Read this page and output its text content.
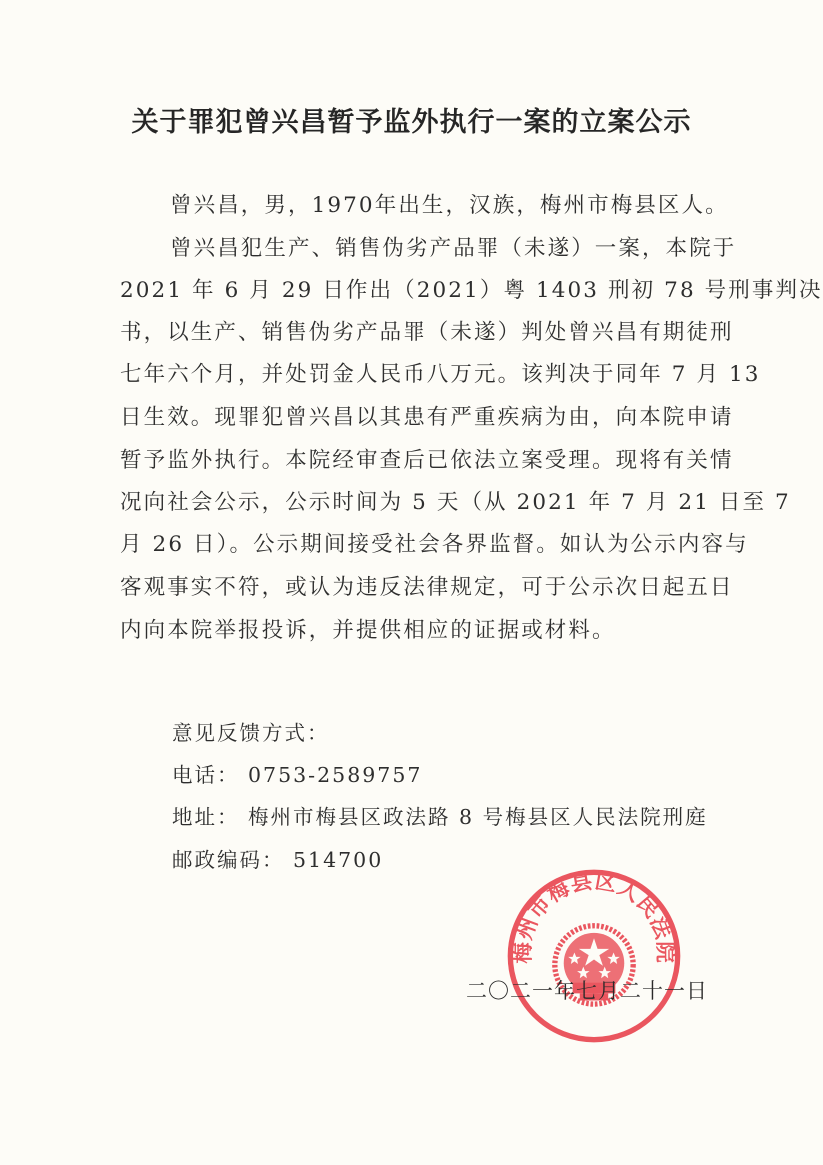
关于罪犯曾兴昌暂予监外执行一案的立案公示
曾兴昌，男，1970年出生，汉族，梅州市梅县区人。
曾兴昌犯生产、销售伪劣产品罪（未遂）一案，本院于
2021 年 6 月 29 日作出（2021）粤 1403 刑初 78 号刑事判决
书，以生产、销售伪劣产品罪（未遂）判处曾兴昌有期徒刑
七年六个月，并处罚金人民币八万元。该判决于同年 7 月 13
日生效。现罪犯曾兴昌以其患有严重疾病为由，向本院申请
暂予监外执行。本院经审查后已依法立案受理。现将有关情
况向社会公示，公示时间为 5 天（从 2021 年 7 月 21 日至 7
月 26 日）。公示期间接受社会各界监督。如认为公示内容与
客观事实不符，或认为违反法律规定，可于公示次日起五日
内向本院举报投诉，并提供相应的证据或材料。
意见反馈方式：
电话： 0753-2589757
地址： 梅州市梅县区政法路 8 号梅县区人民法院刑庭
邮政编码： 514700
梅州市梅县区人民法院
二〇二一年七月二十一日
